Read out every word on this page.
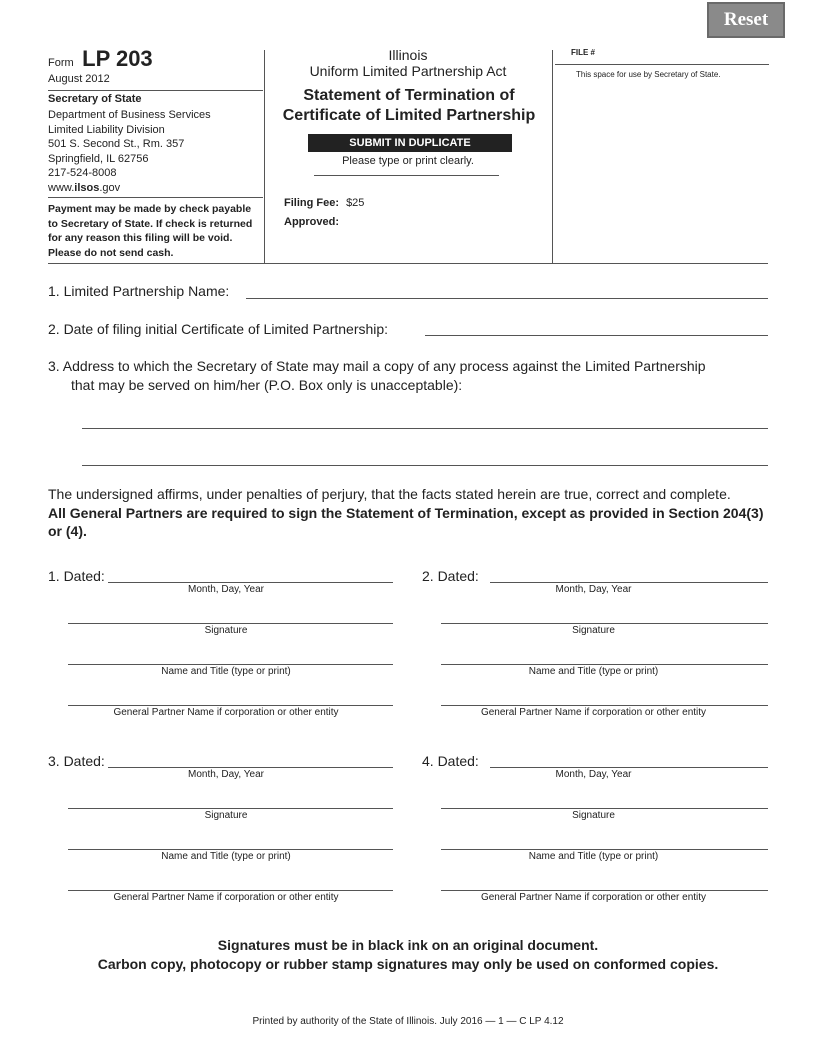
Reset
Form LP 203
August 2012
Secretary of State
Department of Business Services
Limited Liability Division
501 S. Second St., Rm. 357
Springfield, IL 62756
217-524-8008
www.ilsos.gov
Payment may be made by check payable to Secretary of State. If check is returned for any reason this filing will be void. Please do not send cash.
Illinois
Uniform Limited Partnership Act
Statement of Termination of
Certificate of Limited Partnership
SUBMIT IN DUPLICATE
Please type or print clearly.
Filing Fee: $25
Approved:
FILE #
This space for use by Secretary of State.
1. Limited Partnership Name:
2. Date of filing initial Certificate of Limited Partnership:
3. Address to which the Secretary of State may mail a copy of any process against the Limited Partnership
that may be served on him/her (P.O. Box only is unacceptable):
The undersigned affirms, under penalties of perjury, that the facts stated herein are true, correct and complete.
All General Partners are required to sign the Statement of Termination, except as provided in Section 204(3) or (4).
1. Dated:
Month, Day, Year
Signature
Name and Title (type or print)
General Partner Name if corporation or other entity
2. Dated:
Month, Day, Year
Signature
Name and Title (type or print)
General Partner Name if corporation or other entity
3. Dated:
Month, Day, Year
Signature
Name and Title (type or print)
General Partner Name if corporation or other entity
4. Dated:
Month, Day, Year
Signature
Name and Title (type or print)
General Partner Name if corporation or other entity
Signatures must be in black ink on an original document.
Carbon copy, photocopy or rubber stamp signatures may only be used on conformed copies.
Printed by authority of the State of Illinois. July 2016 — 1 — C LP 4.12
